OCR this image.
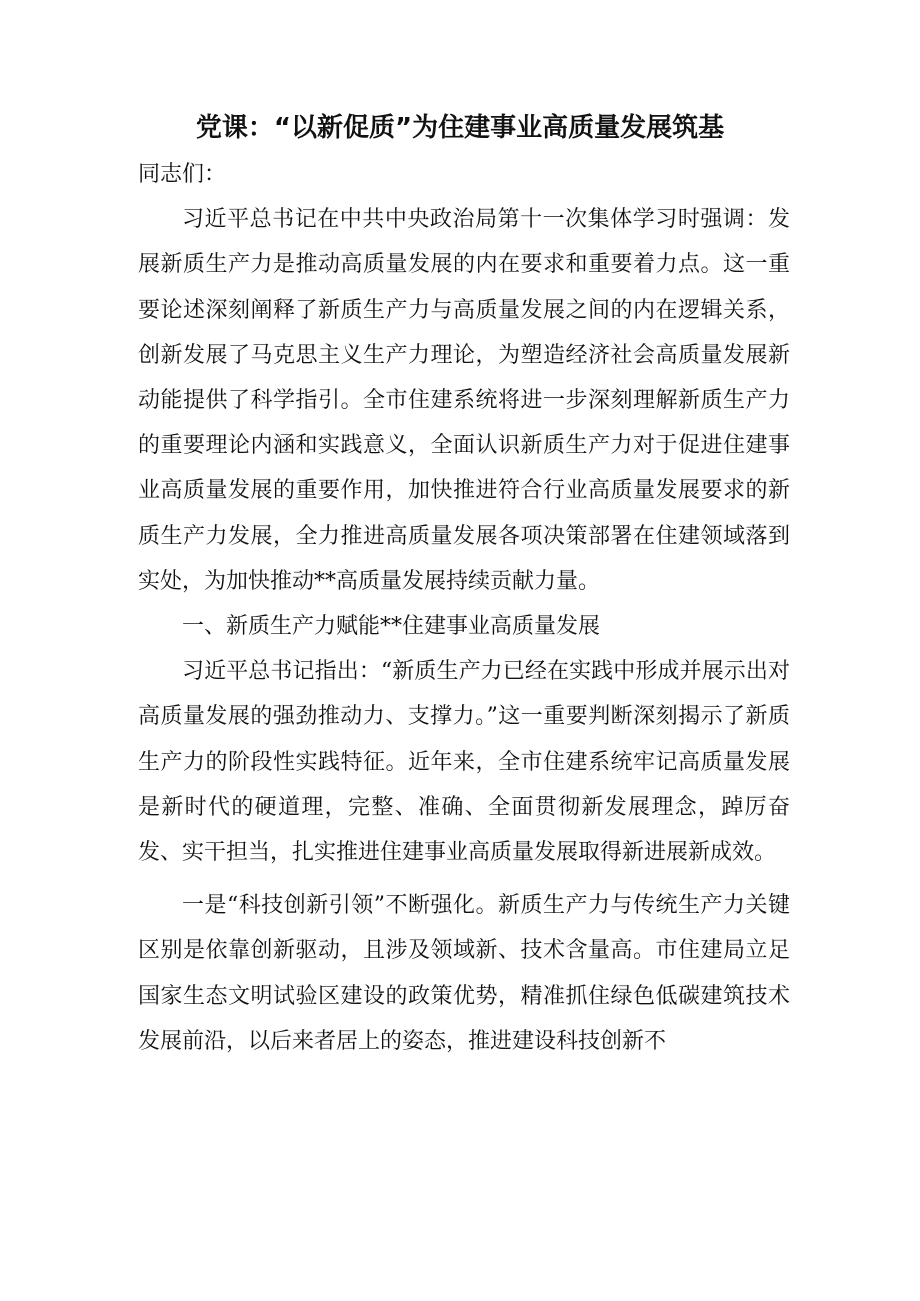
党课：“以新促质”为住建事业高质量发展筑基

同志们：

习近平总书记在中共中央政治局第十一次集体学习时强调：发展新质生产力是推动高质量发展的内在要求和重要着力点。这一重要论述深刻阐释了新质生产力与高质量发展之间的内在逻辑关系，创新发展了马克思主义生产力理论，为塑造经济社会高质量发展新动能提供了科学指引。全市住建系统将进一步深刻理解新质生产力的重要理论内涵和实践意义，全面认识新质生产力对于促进住建事业高质量发展的重要作用，加快推进符合行业高质量发展要求的新质生产力发展，全力推进高质量发展各项决策部署在住建领域落到实处，为加快推动**高质量发展持续贡献力量。

一、新质生产力赋能**住建事业高质量发展

习近平总书记指出：“新质生产力已经在实践中形成并展示出对高质量发展的强劲推动力、支撑力。”这一重要判断深刻揭示了新质生产力的阶段性实践特征。近年来，全市住建系统牢记高质量发展是新时代的硬道理，完整、准确、全面贯彻新发展理念，踔厉奋发、实干担当，扎实推进住建事业高质量发展取得新进展新成效。

一是“科技创新引领”不断强化。新质生产力与传统生产力关键区别是依靠创新驱动，且涉及领域新、技术含量高。市住建局立足国家生态文明试验区建设的政策优势，精准抓住绿色低碳建筑技术发展前沿，以后来者居上的姿态，推进建设科技创新不
